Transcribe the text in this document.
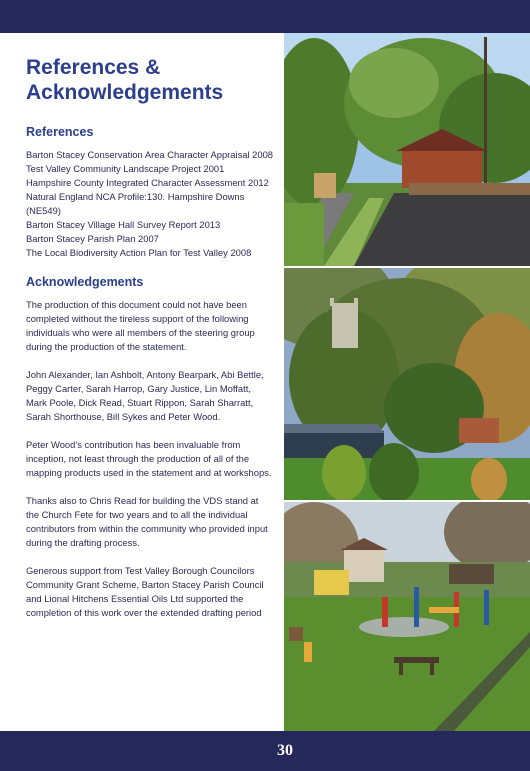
References & Acknowledgements
References
Barton Stacey Conservation Area Character Appraisal 2008
Test Valley Community Landscape Project 2001
Hampshire County Integrated Character Assessment 2012
Natural England NCA Profile:130. Hampshire Downs (NE549)
Barton Stacey Village Hall Survey Report 2013
Barton Stacey Parish Plan 2007
The Local Biodiversity Action Plan for Test Valley 2008
Acknowledgements

The production of this document could not have been completed without the tireless support of the following individuals who were all members of the steering group during the production of the statement.

John Alexander, Ian Ashbolt, Antony Bearpark, Abi Bettle, Peggy Carter, Sarah Harrop, Gary Justice, Lin Moffatt, Mark Poole, Dick Read, Stuart Rippon, Sarah Sharratt, Sarah Shorthouse, Bill Sykes and Peter Wood.

Peter Wood’s contribution has been invaluable from inception, not least through the production of all of the mapping products used in the statement and at workshops.

Thanks also to Chris Read for building the VDS stand at the Church Fete for two years and to all the individual contributors from within the community who provided input during the drafting process.

Generous support from Test Valley Borough Councilors Community Grant Scheme, Barton Stacey Parish Council and Lional Hitchens Essential Oils Ltd supported the completion of this work over the extended drafting period

30
